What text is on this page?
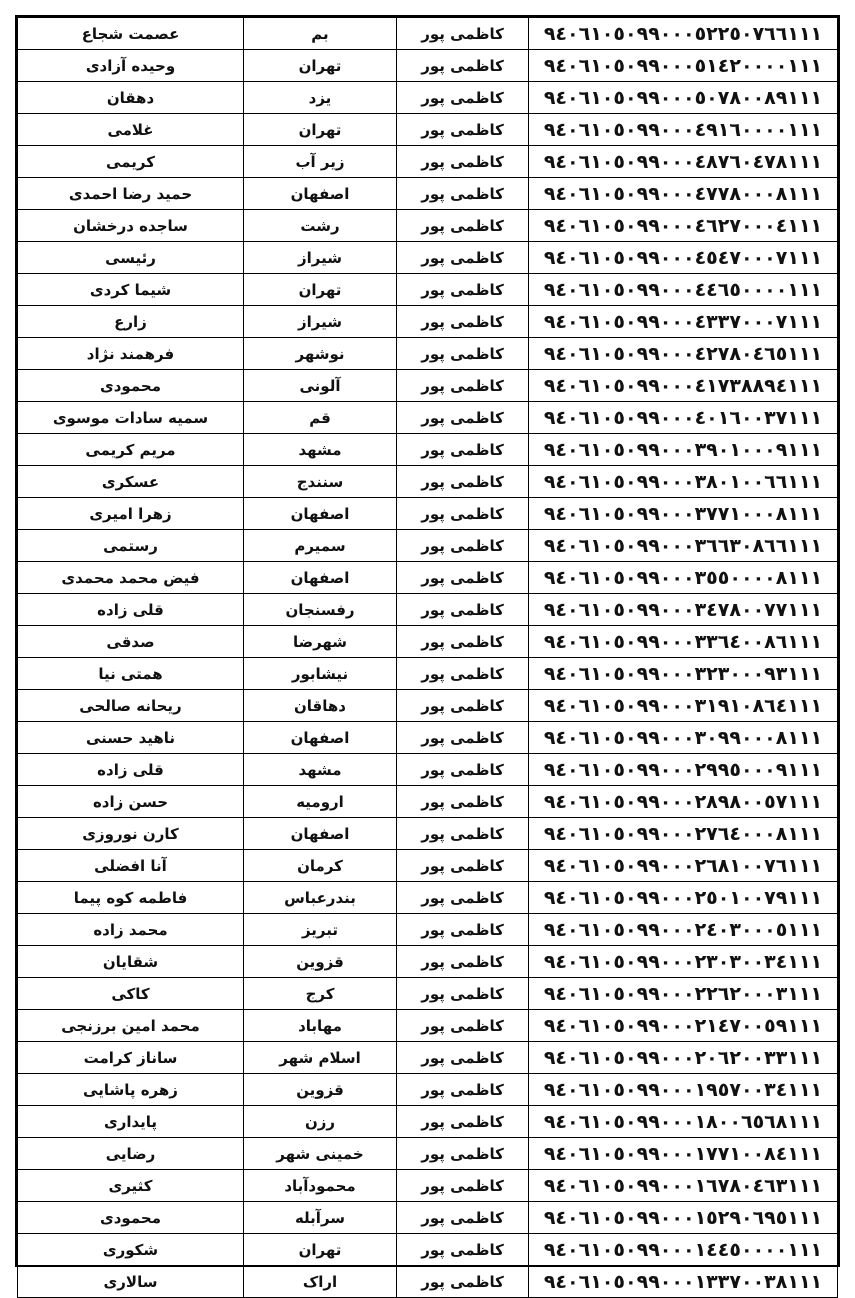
٩٤٠٦١٠٥٠٩٩٠٠٠٥٢٢٥٠٧٦٦١١١	کاظمی پور	بم	عصمت شجاع
٩٤٠٦١٠٥٠٩٩٠٠٠٥١٤٢٠٠٠٠١١١	کاظمی پور	تهران	وحیده آزادی
٩٤٠٦١٠٥٠٩٩٠٠٠٥٠٧٨٠٠٨٩١١١	کاظمی پور	یزد	دهقان
٩٤٠٦١٠٥٠٩٩٠٠٠٤٩١٦٠٠٠٠١١١	کاظمی پور	تهران	غلامی
٩٤٠٦١٠٥٠٩٩٠٠٠٤٨٧٦٠٤٧٨١١١	کاظمی پور	زیر آب	کریمی
٩٤٠٦١٠٥٠٩٩٠٠٠٤٧٧٨٠٠٠٨١١١	کاظمی پور	اصفهان	حمید رضا احمدی
٩٤٠٦١٠٥٠٩٩٠٠٠٤٦٢٧٠٠٠٤١١١	کاظمی پور	رشت	ساجده درخشان
٩٤٠٦١٠٥٠٩٩٠٠٠٤٥٤٧٠٠٠٧١١١	کاظمی پور	شیراز	رئیسی
٩٤٠٦١٠٥٠٩٩٠٠٠٤٤٦٥٠٠٠٠١١١	کاظمی پور	تهران	شیما کردی
٩٤٠٦١٠٥٠٩٩٠٠٠٤٣٣٧٠٠٠٧١١١	کاظمی پور	شیراز	زارع
٩٤٠٦١٠٥٠٩٩٠٠٠٤٢٧٨٠٤٦٥١١١	کاظمی پور	نوشهر	فرهمند نژاد
٩٤٠٦١٠٥٠٩٩٠٠٠٤١٧٣٨٨٩٤١١١	کاظمی پور	آلونی	محمودی
٩٤٠٦١٠٥٠٩٩٠٠٠٤٠١٦٠٠٣٧١١١	کاظمی پور	قم	سمیه سادات موسوی
٩٤٠٦١٠٥٠٩٩٠٠٠٣٩٠١٠٠٠٩١١١	کاظمی پور	مشهد	مریم کریمی
٩٤٠٦١٠٥٠٩٩٠٠٠٣٨٠١٠٠٦٦١١١	کاظمی پور	سنندج	عسکری
٩٤٠٦١٠٥٠٩٩٠٠٠٣٧٧١٠٠٠٨١١١	کاظمی پور	اصفهان	زهرا امیری
٩٤٠٦١٠٥٠٩٩٠٠٠٣٦٦٣٠٨٦٦١١١	کاظمی پور	سمیرم	رستمی
٩٤٠٦١٠٥٠٩٩٠٠٠٣٥٥٠٠٠٠٨١١١	کاظمی پور	اصفهان	فیض محمد محمدی
٩٤٠٦١٠٥٠٩٩٠٠٠٣٤٧٨٠٠٧٧١١١	کاظمی پور	رفسنجان	قلی زاده
٩٤٠٦١٠٥٠٩٩٠٠٠٣٣٦٤٠٠٨٦١١١	کاظمی پور	شهرضا	صدقی
٩٤٠٦١٠٥٠٩٩٠٠٠٣٢٣٠٠٠٩٣١١١	کاظمی پور	نیشابور	همتی نیا
٩٤٠٦١٠٥٠٩٩٠٠٠٣١٩١٠٨٦٤١١١	کاظمی پور	دهاقان	ریحانه صالحی
٩٤٠٦١٠٥٠٩٩٠٠٠٣٠٩٩٠٠٠٨١١١	کاظمی پور	اصفهان	ناهید حسنی
٩٤٠٦١٠٥٠٩٩٠٠٠٢٩٩٥٠٠٠٩١١١	کاظمی پور	مشهد	قلی زاده
٩٤٠٦١٠٥٠٩٩٠٠٠٢٨٩٨٠٠٥٧١١١	کاظمی پور	ارومیه	حسن زاده
٩٤٠٦١٠٥٠٩٩٠٠٠٢٧٦٤٠٠٠٨١١١	کاظمی پور	اصفهان	کارن نوروزی
٩٤٠٦١٠٥٠٩٩٠٠٠٢٦٨١٠٠٧٦١١١	کاظمی پور	کرمان	آنا افضلی
٩٤٠٦١٠٥٠٩٩٠٠٠٢٥٠١٠٠٧٩١١١	کاظمی پور	بندرعباس	فاطمه کوه پیما
٩٤٠٦١٠٥٠٩٩٠٠٠٢٤٠٣٠٠٠٥١١١	کاظمی پور	تبریز	محمد زاده
٩٤٠٦١٠٥٠٩٩٠٠٠٢٣٠٣٠٠٣٤١١١	کاظمی پور	قزوین	شقایان
٩٤٠٦١٠٥٠٩٩٠٠٠٢٢٦٢٠٠٠٣١١١	کاظمی پور	کرج	کاکی
٩٤٠٦١٠٥٠٩٩٠٠٠٢١٤٧٠٠٥٩١١١	کاظمی پور	مهاباد	محمد امین برزنجی
٩٤٠٦١٠٥٠٩٩٠٠٠٢٠٦٢٠٠٣٣١١١	کاظمی پور	اسلام شهر	ساناز کرامت
٩٤٠٦١٠٥٠٩٩٠٠٠١٩٥٧٠٠٣٤١١١	کاظمی پور	قزوین	زهره پاشایی
٩٤٠٦١٠٥٠٩٩٠٠٠١٨٠٠٦٥٦٨١١١	کاظمی پور	رزن	پایداری
٩٤٠٦١٠٥٠٩٩٠٠٠١٧٧١٠٠٨٤١١١	کاظمی پور	خمینی شهر	رضایی
٩٤٠٦١٠٥٠٩٩٠٠٠١٦٧٨٠٤٦٣١١١	کاظمی پور	محمودآباد	کثیری
٩٤٠٦١٠٥٠٩٩٠٠٠١٥٢٩٠٦٩٥١١١	کاظمی پور	سرآبله	محمودی
٩٤٠٦١٠٥٠٩٩٠٠٠١٤٤٥٠٠٠٠١١١	کاظمی پور	تهران	شکوری
٩٤٠٦١٠٥٠٩٩٠٠٠١٣٣٧٠٠٣٨١١١	کاظمی پور	اراک	سالاری
